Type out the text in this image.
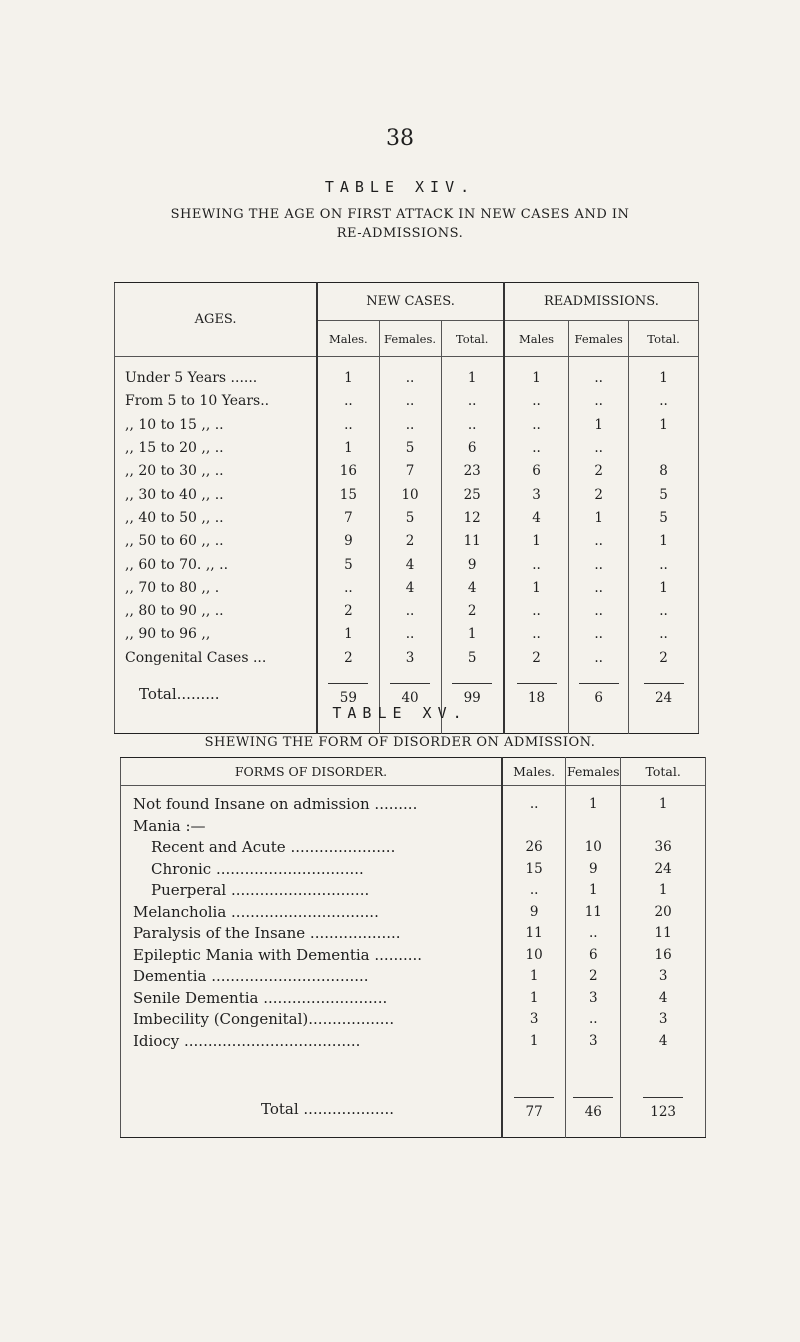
38
TABLE XIV.
SHEWING THE AGE ON FIRST ATTACK IN NEW CASES AND IN
RE-ADMISSIONS.
AGES.	NEW CASES.			READMISSIONS.		
	Males.	Females.	Total.	Males	Females	Total.

Under 5 Years ......	1	..	1	1	..	1
From 5 to 10 Years..	..	..	..	..	..	..
,, 10 to 15 ,, ..	..	..	..	..	1	1
,, 15 to 20 ,, ..	1	5	6	..	..	
,, 20 to 30 ,, ..	16	7	23	6	2	8
,, 30 to 40 ,, ..	15	10	25	3	2	5
,, 40 to 50 ,, ..	7	5	12	4	1	5
,, 50 to 60 ,, ..	9	2	11	1	..	1
,, 60 to 70. ,, ..	5	4	9	..	..	..
,, 70 to 80 ,, .	..	4	4	1	..	1
,, 80 to 90 ,, ..	2	..	2	..	..	..
,, 90 to 96 ,,	1	..	1	..	..	..
Congenital Cases ...	2	3	5	2	..	2
Total.........	59	40	99	18	6	24

TABLE XV.
SHEWING THE FORM OF DISORDER ON ADMISSION.
FORMS OF DISORDER.	Males.	Females	Total.

Not found Insane on admission .........	..	1	1
Mania :—			
Recent and Acute ......................	26	10	36
Chronic ...............................	15	9	24
Puerperal .............................	..	1	1
Melancholia ...............................	9	11	20
Paralysis of the Insane ...................	11	..	11
Epileptic Mania with Dementia ..........	10	6	16
Dementia .................................	1	2	3
Senile Dementia ..........................	1	3	4
Imbecility (Congenital)..................	3	..	3
Idiocy .....................................	1	3	4

Total ...................	77	46	123
